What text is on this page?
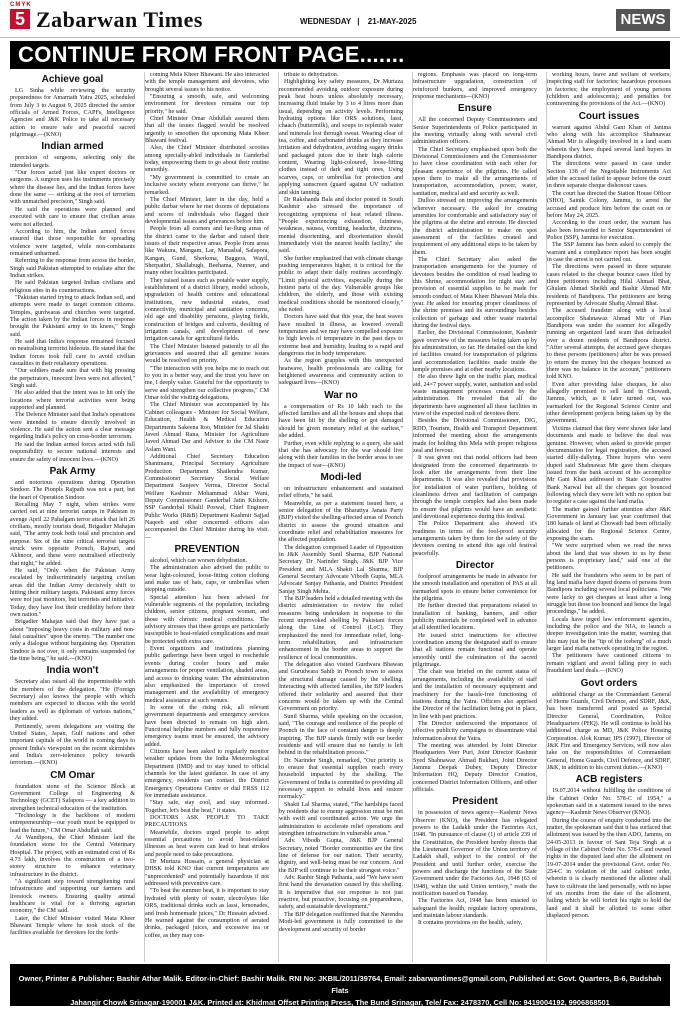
CMYK
5 Zabarwan Times	WEDNESDAY | 21-MAY-2025	NEWS
CONTINUE FROM FRONT PAGE.......
Achieve goal

LG Sinha while reviewing the security preparedness for Amarnath Yatra 2025, scheduled from July 3 to August 9, 2025 directed the senior officials of Armed Forces, CAPFs, Intelligence Agencies and J&K Police to take all necessary action to ensure safe and peaceful sacred pilgrimage.—(KNO)

Indian armed

precision of surgeons, selecting only the intended targets.

"Our forces acted just like expert doctors or surgeons. A surgeon uses his instruments precisely where the disease lies, and the Indian forces have done the same — striking at the root of terrorism with unmatched precision," Singh said.

He said the operations were planned and executed with care to ensure that civilian areas were not affected.

According to him, the Indian armed forces ensured that those responsible for spreading violence were targeted, while non-combatants remained unharmed.

Referring to the response from across the border, Singh said Pakistan attempted to retaliate after the Indian strikes.

He said Pakistan targeted Indian civilians and religious sites in its counteractions.

"Pakistan started trying to attack Indian soil, and attempts were made to target common citizens. Temples, gurdwaras and churches were targeted. The action taken by the Indian forces in response brought the Pakistani army to its knees," Singh said.

He said that India's response remained focused on neutralising terrorist hideouts. He stated that the Indian forces took full care to avoid civilian casualties in their retaliatory operations.

"Our soldiers made sure that with big pressing the perpetrators, innocent lives were not affected," Singh said.

He also added that the intent was to hit only the locations where terrorist activities were being supported and planned.

The Defence Minister said that India's operations were intended to ensure directly involved in violence. He said the action sent a clear message regarding India's policy on cross-border terrorism.

He said the Indian armed forces acted with full responsibility to secure national interests and ensure the safety of innocent lives.—(KNO)

Pak Army

and notorious operations during Operation Sindoor. The Pionpls Rajpath was not a part, but the heart of Operation Sindoor.

Recalling May 7 night, when strikes were carried out at nine terrorist camps in Pakistan to avenge April 22 Pahalgam terror attack that left 26 civilians, mostly tourists dead, Brigadier Mahajan said, "The army took both total and precision and purpose. Six of the nine critical terrorist targets struck were opposite Poonch, Rajouri, and Akhnoor, and these were neutralised effectively that night," he added.

He said, "Only when the Pakistan Army escalated by indiscriminately targeting civilian areas did the Indian Army decisively shift to hitting their military targets. Pakistani army forces were not just monitors, but terrorists and initiative. Today, they have lost their credibility before their own nation."

Brigadier Mahajan said that they have just a about "imposing heavy costs in military and non-fatal casualties" upon the enemy. "The number one only a dialogue without bargaining day. Operation Sindoor is not over, it only remains suspended for the time being," he said.—(KNO)

India won't

Secretary also raised all the impermissible with the members of the delegation. "He (Foreign Secretary) also knows the people with which members are expected to discuss with the world leaders as well as diplomats of various nations," they added.

Pertinently, seven delegations are visiting the United States, Japan, Gulf nations and other important capitals of the world in coming days to present India's viewpoint on the recent skirmishes and India's zero-tolerance policy towards terrorism.—(KNO)

CM Omar

foundation stone of the Science Block at Government College of Engineering & Technology (GCET) Safapora — a key addition to strengthen technical education of the institution.

"Technology is the backbone of modern entrepreneurship—our youth must be equipped to lead the future," CM Omar Abdullah said.

At Wandipora, the Chief Minister laid the foundation stone for the Central Veterinary Hospital. The project, with an estimated cost of Rs 4.73 lakh, involves the construction of a two-storey structure to enhance veterinary infrastructure in the district.

"A significant step toward strengthening rural infrastructure and supporting our farmers and livestock owners. Ensuring quality animal healthcare is vital for a thriving agrarian economy," the CM said.

Later, the Chief Minister visited Mata Kheer Bhawani Temple where he took stock of the facilities available for devotees for the forth-

coming Mela Kheer Bhawani. He also interacted with the temple management and devotees, who brought several issues to his notice.

"Ensuring a smooth, safe, and welcoming environment for devotees remains our top priority," he said.

Chief Minister Omar Abdullah assured them that all the issues flagged would be resolved urgently to smoothen the upcoming Mata Kheer Bhawani festival.

Also, the Chief Minister distributed scooties among specially-abled individuals in Ganderbal today, empowering them to go about their routine smoothly.

"My government is committed to create an inclusive society where everyone can thrive," he remarked.

The Chief Minister, later in the day, held a public darbar where he met dozens of deputations and scores of individuals who flagged their developmental issues and grievances before him.

People from all corners and far-flung areas of the district came to the darbar and raised their issues of their respective areas. People from areas like Wakura, Mangam, Lar, Manasbal, Safapora, Kangan, Gund, Sherkona, Baggera, Wayil, Sherpathri, Shallabugh, Beehama, Nunner, and many other localities participated.

They raised issues such as potable water supply, establishment of a district library, model schools, upgradation of health centres and educational institutions, new industrial estates, road connectivity, municipal and sanitation concerns, old age and disability pensions, playing fields, construction of bridges and culverts, desilting of irrigation canals, and development of new irrigation canals for agricultural fields.

The Chief Minister listened patiently to all the grievances and assured that all genuine issues would be resolved on priority.

"The interaction with you helps me to reach out to you in a better way, and the trust you have on me, I deeply value. Grateful for the opportunity to serve and strengthen our collective progress," CM Omar told the visiting delegations.

The Chief Minister was accompanied by his Cabinet colleagues - Minister for Social Welfare, Education, Health & Medical Education Departments Sakeena Itoo, Minister for Jal Shakti Javed Ahmad Rana, Minister for Agriculture Javed Ahmad Dar and Advisor to the CM Nasir Aslam Wani.

Additional Chief Secretary Education Shantmanu, Principal Secretary Agriculture Production Department Shailendra Kumar, Commissioner Secretary Social Welfare Department Sanjeev Verma, Director Social Welfare Kashmir Mohammad Akbar Wani, Deputy Commissioner Ganderbal Jatin Kishore, SSP Ganderbal Khalil Poswal, Chief Engineer Public Works (R&B) Department Kashmir Sajjad Naqeeb and other concerned officers also accompanied the Chief Minister during his visit.—

PREVENTION

alcohol, which can worsen dehydration.

The administration also advised the public to wear light-coloured, loose-fitting cotton clothing and make use of hats, caps, or umbrellas when stepping outside.

Special attention has been advised for vulnerable segments of the population, including children, senior citizens, pregnant women, and those with chronic medical conditions. The advisory stresses that these groups are particularly susceptible to heat-related complications and must be protected with extra care.

Event organizers and institutions planning public gatherings have been urged to reschedule events during cooler hours and make arrangements for proper ventilation, shaded areas, and access to drinking water. The administration also emphasized the importance of crowd management and the availability of emergency medical assistance at such venues.

In some of the rising risk, all relevant government departments and emergency services have been directed to remain on high alert. Functional helpline numbers and fully responsive emergency teams must be ensured, the advisory added.

Citizens have been asked to regularly monitor weather updates from the India Meteorological Department (IMD) and to stay tuned to official channels for the latest guidance. In case of any emergency, residents can contact the District Emergency Operations Centre or dial ERSS 112 for immediate assistance.

"Stay safe, stay cool, and stay informed. Together, let's beat the heat," it states.

DOCTORS ASK PEOPLE TO TAKE PRECAUTIONS

Meanwhile, doctors urged people to adopt essential precautions to avoid heat-related illnesses as heat waves can lead to heat strokes and people need to take precautions.

Dr Murtaza Hussain, a general physician at DHSK told KNO that current temperatures are "unprecedented" and potentially hazardous if not addressed with preventive care.

"To beat the summer heat, it is important to stay hydrated with plenty of water, electrolytes like ORS, traditional drinks such as lassi, lemonades, and fresh homemade juices," Dr Hussain advised. He warned against the consumption of aerated drinks, packaged juices, and excessive tea or coffee, as they may con-

tribute to dehydration.

Highlighting key safety measures, Dr Murtaza recommended avoiding outdoor exposure during peak heat hours unless absolutely necessary, increasing fluid intake by 3 to 4 litres more than usual, depending on activity levels. Performing hydrating options like ORS solutions, lassi, chaach (buttermilk), and soups to replenish water and minerals lost through sweat. Wearing clear of tea, coffee, and carbonated drinks as they increase irritation and dehydration, avoiding sugary drinks and packaged juices due to their high calorie content, Wearing light-coloured, loose-fitting clothes instead of dark and tight ones, Using scarves, caps, or umbrellas for protection and applying sunscreen (guard against UV radiation and skin tanning.

Dr Rakshanda Bala and doctor posted in South Kashmir also stressed the importance of recognizing symptoms of heat related illness. "People experiencing exhaustion, faintness, weakness, nausea, vomiting, headache, dizziness, mental disorienting, and disorientation should immediately visit the nearest health facility," she said.

She further emphasized that with climate change pushing temperatures higher, it is critical for the public to adapt their daily routines accordingly. "Limit physical activities, especially during the hottest parts of the day. Vulnerable groups like children, the elderly, and those with existing medical conditions should be monitored closely," she noted.

Doctors have said that this year, the heat waves have resulted in illness, as lowered overall temperature and we may have compelled exposure to high levels of temperature in the past days to extreme heat and humidity, leading to a rapid and dangerous rise in body temperature.

As the region grapples with this unexpected heatwave, health professionals are calling for heightened awareness and community action to safeguard lives—(KNO)

War no

a compensation of Rs 10 lakh each to the affected families and all the houses and shops that have been hit by the shelling or got damaged should be given monetary relief at the earliest," she added.

Further, even while replying to a query, she said that she has advocacy for the war should live along with their families in the border areas to see the impact of war—(KNO)

Modi-led

on infrastructure enhancement and sustained relief efforts," he said.

Meanwhile, as per a statement issued here, a senior delegation of the Bharatiya Janata Party (BJP) visited the shelling-affected areas of Poonch district to assess the ground situation and coordinate relief and rehabilitation measures for the affected population.

The delegation comprised Leader of Opposition in J&K Assembly Sunil Sharma, BJP National Secretary Dr Narinder Singh, J&K BJP Vice President and MLA Shakti Lal Sharma, BJP General Secretary Advocate Vibodh Gupta, MLA Advocate Sanjay Pathania, and District President Sanjay Singh Mehta.

The BJP leaders held a detailed meeting with the district administration to review the relief measures being undertaken in response to the recent unprovoked shelling by Pakistani forces along the Line of Control (LoC). They emphasized the need for immediate relief, long-term rehabilitation, and infrastructure enhancement in the border areas to support the resilience of local communities.

The delegation also visited Gurdwara Bhawan and Gurudwara Sahib in Poonch town to assess the structural damage caused by the shelling. Interacting with affected families, the BJP leaders offered their solidarity and assured that their concerns would be taken up with the Central Government on priority.

Sunil Sharma, while speaking on the occasion, said, "The courage and resilience of the people of Poonch in the face of constant danger is deeply inspiring. The BJP stands firmly with our border residents and will ensure that no family is left behind in the rehabilitation process."

Dr. Narinder Singh, remarked, "Our priority is to ensure that essential supplies reach every household impacted by the shelling. The Government of India is committed to providing all necessary support to rebuild lives and restore normalcy."

Shakti Lal Sharma, stated, "The hardships faced by residents due to enemy aggression must be met with swift and coordinated action. We urge the administration to accelerate relief operations and strengthen infrastructure in vulnerable areas."

Adv. Vibodh Gupta, J&K BJP General Secretary, noted "Border communities are the first line of defense for our nation. Their security, dignity, and well-being must be our concern. And the BJP will continue to be their strongest voice."

Adv. Ranbir Singh Pathania, said "We have seen first hand the devastation caused by this shelling. It is imperative that our response is not just reactive, but proactive, focusing on preparedness, safety, and sustainable development."

The BJP delegation reaffirmed that the Narendra Modi-led government is fully committed to the development and security of border

regions. Emphasis was placed on long-term infrastructure upgradation, construction of reinforced bunkers, and improved emergency response mechanisms—(KNO)

Ensure

All the concerned Deputy Commissioners and Senior Superintendents of Police participated in the meeting virtually along with several civil administration officers.

The Chief Secretary emphasised upon both the Divisional Commissioners and the Commissioner to have close coordination with each other for pleasant experience of the pilgrims. He called upon them to make all the arrangements of transportation, accommodation, power, water, sanitation, medical aid and security as well.

Dulloo stressed on improving the arrangements wherever necessary. He asked for creating amenities for comfortable and satisfactory stay of the pilgrims at the shrine and enroute. He directed the district administration to make on spot assessment of the facilities created and requirement of any additional steps to be taken by them.

The Chief Secretary also asked the transportation arrangements for the journey of devotees besides the condition of road leading to this Shrine, accommodation for night stay and provision of essential supplies to be made for smooth conduct of Mata Kheer Bhawani Mela this year. He asked for ensuring proper cleanliness of the shrine premises and its surroundings besides collection of garbage and other waste material during the festival days.

Earlier, the Divisional Commissioner, Kashmir gave overview of the measures being taken up by his administration, so far. He detailed out the kind of facilities created for transportation of pilgrims and accommodation facilities made inside the temple premises and at other nearby locations.

He also threw light on the traffic plan, medical aid, 24×7 power supply, water, sanitation and solid waste management processes created by the administration. He revealed that all the departments have augmented all these facilities in view of the expected rush of devotees there.

Besides the Divisional Commissioner, DIG, RDD, Tourism, Health and Transport Department informed the meeting about the arrangements made for holding this Mela with proper religious zeal and fervour.

It was given out that nodal officers had been designated from the concerned departments to look after the arrangements from their line departments. It was also revealed that provisions for installation of water purifiers, holding of cleanliness drives and facilitation of campaign through the temple complex had also been made to ensure that pilgrims would have an aesthetic and devotional experience during this festival.

The Police Department also showed it's readiness in terms of the fool-proof security arrangements taken by them for the safety of the devotees coming to attend this age old festival peacefully.

Director

foolproof arrangements be made in advance for the smooth installation and operation of PAS at all earmarked spots to ensure better convenience for the pilgrims.

He further directed that preparations related to installation of banking, banners, and other publicity materials be completed well in advance at all identified locations.

He issued strict instructions for effective coordination among the designated staff to ensure that all stations remain functional and operate smoothly until the culmination of the sacred pilgrimage.

The chair was briefed on the current status of arrangements, including the availability of staff and the installation of necessary equipment and machinery for the hassle-free functioning of stations during the Yatra. Officers also apprised the Director of the facilitation being put in place, in line with past practices.

The Director underscored the importance of effective publicity campaigns to disseminate vital information about the Yatra.

The meeting was attended by Joint Director Headquarters Veer Puri, Joint Director Kashmir Syed Shahnawaz Ahmad Bukhari, Joint Director Jammu Deepak Dubey, Deputy Director Information HQ, Deputy Director Creation, concerned District Information Officers, and other officials.

President

in possession of news agency—Kashmir News Observer (KNO), the President has relegated powers to the Ladakh under the Factories Act, 1948. "In pursuance of clause (1) of article 239 of the Constitution, the President hereby directs that the Lieutenant Governor of the Union territory of Ladakh shall, subject to the control of the President and until further order, exercise the powers and discharge the functions of the State Government under the Factories Act, 1948 (63 of 1948), within the said Union territory," reads the notification issued on Tuesday.

The Factories Act, 1948 has been enacted to safeguard the health, regulate factory operations, and maintain labour standards.

It contains provisions on the health, safety,

working hours, leave and welfare of workers; inspecting staff for factories; hazardous processes in factories; the employment of young persons (children and adolescents); and penalties for contravening the provisions of the Act.—(KNO)

Court issues

warrant against Abdul Gani Khan of Janima who along with his accomplice Shahnawaz Ahmad Mir is allegedly involved in a land scam wherein they have duped several land buyers in Bandipora district.

The directions were passed in case under Section 138 of the Negotiable Instruments Act after the accused failed to appear before the court in three separate cheque dishonour cases.

The court has directed the Station House Officer (SHO), Sainik Colony, Jammu, to arrest the accused and produce him before the court on or before May 24, 2025.

According to the court order, the warrant has also been forwarded to Senior Superintendent of Police (SSP), Jammu for execution.

The SSP Jammu has been asked to comply the warrant and a compliance report has been sought in case the arrest is not carried out.

The directions were passed in three separate cases related to the cheque bounce cases filed by three petitioners including Hilal Ahmad Bhat, Ghulam Ahmad Sheikh and Bashir Ahmad Mir residents of Bandipora. The petitioners are being represented by Advocate Shafiq Ahmad Bhat.

The accused fraudster along with a local accomplice Shahnawaz Ahmad Mir of Plan Bandipora was under the scanner for allegedly running an organized land scam that defrauded over a dozen residents of Bandipora district. "After several attempts, the accused gave cheques to these persons (petitioners) after he was pressed to return the money but the cheques bounced as there was no balance in the account," petitioners told KNO.

Even after providing false cheques, he also allegedly promised to sell land in Chowadi, Jammu, which, as it later turned out, was earmarked for the Regional Science Centre and other development projects being taken up by the government.

Victims claimed that they were shown fake land documents and made to believe the deal was genuine. However, when asked to provide proper documentation for legal registration, the accused started dilly-dallying. Three buyers who were duped said Shahnawaz Mir gave them cheques issued from the bank account of his accomplice Mr Gani Khan addressed to State Cooperative Bank Narwal but all the cheques got bounced following which they were left with no option but to register a case against the land mafia.

The matter gained further attention after J&K Government in January last year confirmed that 180 kanals of land at Chowadi had been officially allocated for the Regional Science Centre, exposing the scam.

"We were surprised when we read the news about the land that was shown to us by these persons is proprietary land," said one of the petitioners.

He said the fraudsters who seem to be part of big land mafia have duped dozens of persons from Bandipora including several local politicians. "We were lucky to get cheques at least after a long struggle but those too bounced and hence the legal proceedings," he added.

Locals have urged law enforcement agencies, including the police and the NIA, to launch a deeper investigation into the matter, warning that this may just be the "tip of the iceberg" of a much larger land mafia network operating in the region.

The petitioners have cautioned citizens to remain vigilant and avoid falling prey to such fraudulent land deals.—(KNO)

Govt orders

additional charge as the Commandant General of Home Guards, Civil Defence, and SDRF, J&K, has been transferred and posted as Special Director General, Coordination, Police Headquarters (PHQ). He will continue to hold his additional charge as MD, J&K Police Housing Corporation. Alok Kumar, IPS (1997), Director of J&K Fire and Emergency Services, will now also take on the responsibilities of Commandant General, Home Guards, Civil Defence, and SDRF, J&K, in addition to his current duties.—(KNO)

ACB registers

19.07.2014 without fulfilling the conditions of the Cabinet Order No. 578-C of 1954," a spokesman said in a statement issued to the news agency—Kashmir News Observer (KNO).

During the course of enquiry conducted into the matter, the spokesman said that it has surfaced that allotment was issued by the then ADO, Jammu, on 24-05-2013 in favour of Sant Teja Singh at a village of the Cabinet Order No. 578-C and owned rights in the disputed land after the allotment on 19-07-2014 under the provisional Govt. order No. 254-C in violation of the said cabinet order, wherein it is clearly mentioned the allottee shall have to cultivate the land personally, with no lapse of six months from the date of the allotment, failing which he will forfeit his right to hold the land and it shall be allotted to some other displaced person.

Owner, Printer & Publisher: Bashir Athar Malik. Editor-in-Chief: Bashir Malik. RNI No: JKBIL/2011/39764, Email: zabarwantimes@gmail.com, Published at: Govt. Quarters, B-6, Budshah Flats
Jahangir Chowk Srinagar-190001 J&K. Printed at: Khidmat Offset Printing Press, The Bund Srinagar, Tele/ Fax: 2478370, Cell No: 9419004192, 9906868501
